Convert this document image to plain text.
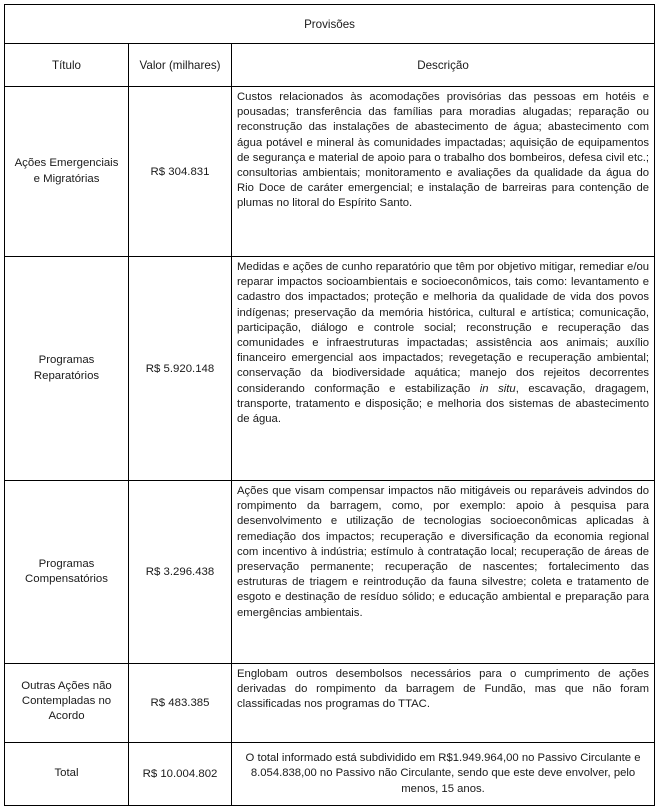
Provisões		
Título	Valor (milhares)	Descrição
Ações Emergenciais e Migratórias	R$ 304.831	Custos relacionados às acomodações provisórias das pessoas em hotéis e pousadas; transferência das famílias para moradias alugadas; reparação ou reconstrução das instalações de abastecimento de água; abastecimento com água potável e mineral às comunidades impactadas; aquisição de equipamentos de segurança e material de apoio para o trabalho dos bombeiros, defesa civil etc.; consultorias ambientais; monitoramento e avaliações da qualidade da água do Rio Doce de caráter emergencial; e instalação de barreiras para contenção de plumas no litoral do Espírito Santo.
Programas Reparatórios	R$ 5.920.148	Medidas e ações de cunho reparatório que têm por objetivo mitigar, remediar e/ou reparar impactos socioambientais e socioeconômicos, tais como: levantamento e cadastro dos impactados; proteção e melhoria da qualidade de vida dos povos indígenas; preservação da memória histórica, cultural e artística; comunicação, participação, diálogo e controle social; reconstrução e recuperação das comunidades e infraestruturas impactadas; assistência aos animais; auxílio financeiro emergencial aos impactados; revegetação e recuperação ambiental; conservação da biodiversidade aquática; manejo dos rejeitos decorrentes considerando conformação e estabilização in situ, escavação, dragagem, transporte, tratamento e disposição; e melhoria dos sistemas de abastecimento de água.
Programas Compensatórios	R$ 3.296.438	Ações que visam compensar impactos não mitigáveis ou reparáveis advindos do rompimento da barragem, como, por exemplo: apoio à pesquisa para desenvolvimento e utilização de tecnologias socioeconômicas aplicadas à remediação dos impactos; recuperação e diversificação da economia regional com incentivo à indústria; estímulo à contratação local; recuperação de áreas de preservação permanente; recuperação de nascentes; fortalecimento das estruturas de triagem e reintrodução da fauna silvestre; coleta e tratamento de esgoto e destinação de resíduo sólido; e educação ambiental e preparação para emergências ambientais.
Outras Ações não Contempladas no Acordo	R$ 483.385	Englobam outros desembolsos necessários para o cumprimento de ações derivadas do rompimento da barragem de Fundão, mas que não foram classificadas nos programas do TTAC.
Total	R$ 10.004.802	O total informado está subdividido em R$1.949.964,00 no Passivo Circulante e 8.054.838,00 no Passivo não Circulante, sendo que este deve envolver, pelo menos, 15 anos.
